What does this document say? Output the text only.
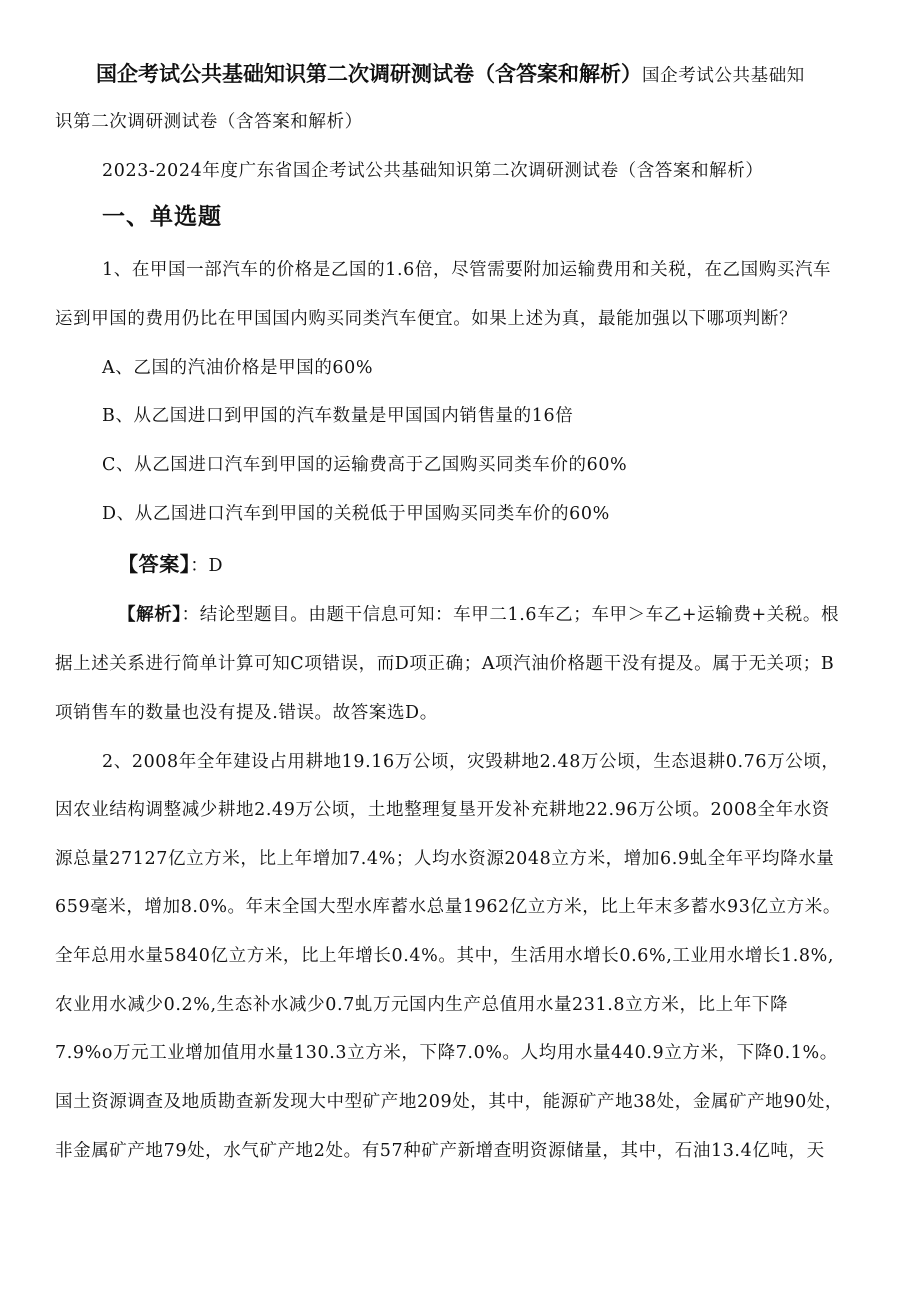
国企考试公共基础知识第二次调研测试卷（含答案和解析）国企考试公共基础知
识第二次调研测试卷（含答案和解析）
2023-2024年度广东省国企考试公共基础知识第二次调研测试卷（含答案和解析）
一、单选题
1、在甲国一部汽车的价格是乙国的1.6倍，尽管需要附加运输费用和关税，在乙国购买汽车
运到甲国的费用仍比在甲国国内购买同类汽车便宜。如果上述为真，最能加强以下哪项判断？
A、乙国的汽油价格是甲国的60%
B、从乙国进口到甲国的汽车数量是甲国国内销售量的16倍
C、从乙国进口汽车到甲国的运输费高于乙国购买同类车价的60%
D、从乙国进口汽车到甲国的关税低于甲国购买同类车价的60%
【答案】：D
【解析】：结论型题目。由题干信息可知：车甲二1.6车乙；车甲＞车乙+运输费+关税。根
据上述关系进行简单计算可知C项错误，而D项正确；A项汽油价格题干没有提及。属于无关项；B
项销售车的数量也没有提及.错误。故答案选D。
2、2008年全年建设占用耕地19.16万公顷，灾毁耕地2.48万公顷，生态退耕0.76万公顷，
因农业结构调整减少耕地2.49万公顷，土地整理复垦开发补充耕地22.96万公顷。2008全年水资
源总量27127亿立方米，比上年增加7.4%；人均水资源2048立方米，增加6.9虬全年平均降水量
659毫米，增加8.0%。年末全国大型水库蓄水总量1962亿立方米，比上年末多蓄水93亿立方米。
全年总用水量5840亿立方米，比上年增长0.4%。其中，生活用水增长0.6%,工业用水增长1.8%,
农业用水减少0.2%,生态补水减少0.7虬万元国内生产总值用水量231.8立方米，比上年下降
7.9%o万元工业增加值用水量130.3立方米，下降7.0%。人均用水量440.9立方米，下降0.1%。
国土资源调查及地质勘查新发现大中型矿产地209处，其中，能源矿产地38处，金属矿产地90处，
非金属矿产地79处，水气矿产地2处。有57种矿产新增查明资源储量，其中，石油13.4亿吨，天
